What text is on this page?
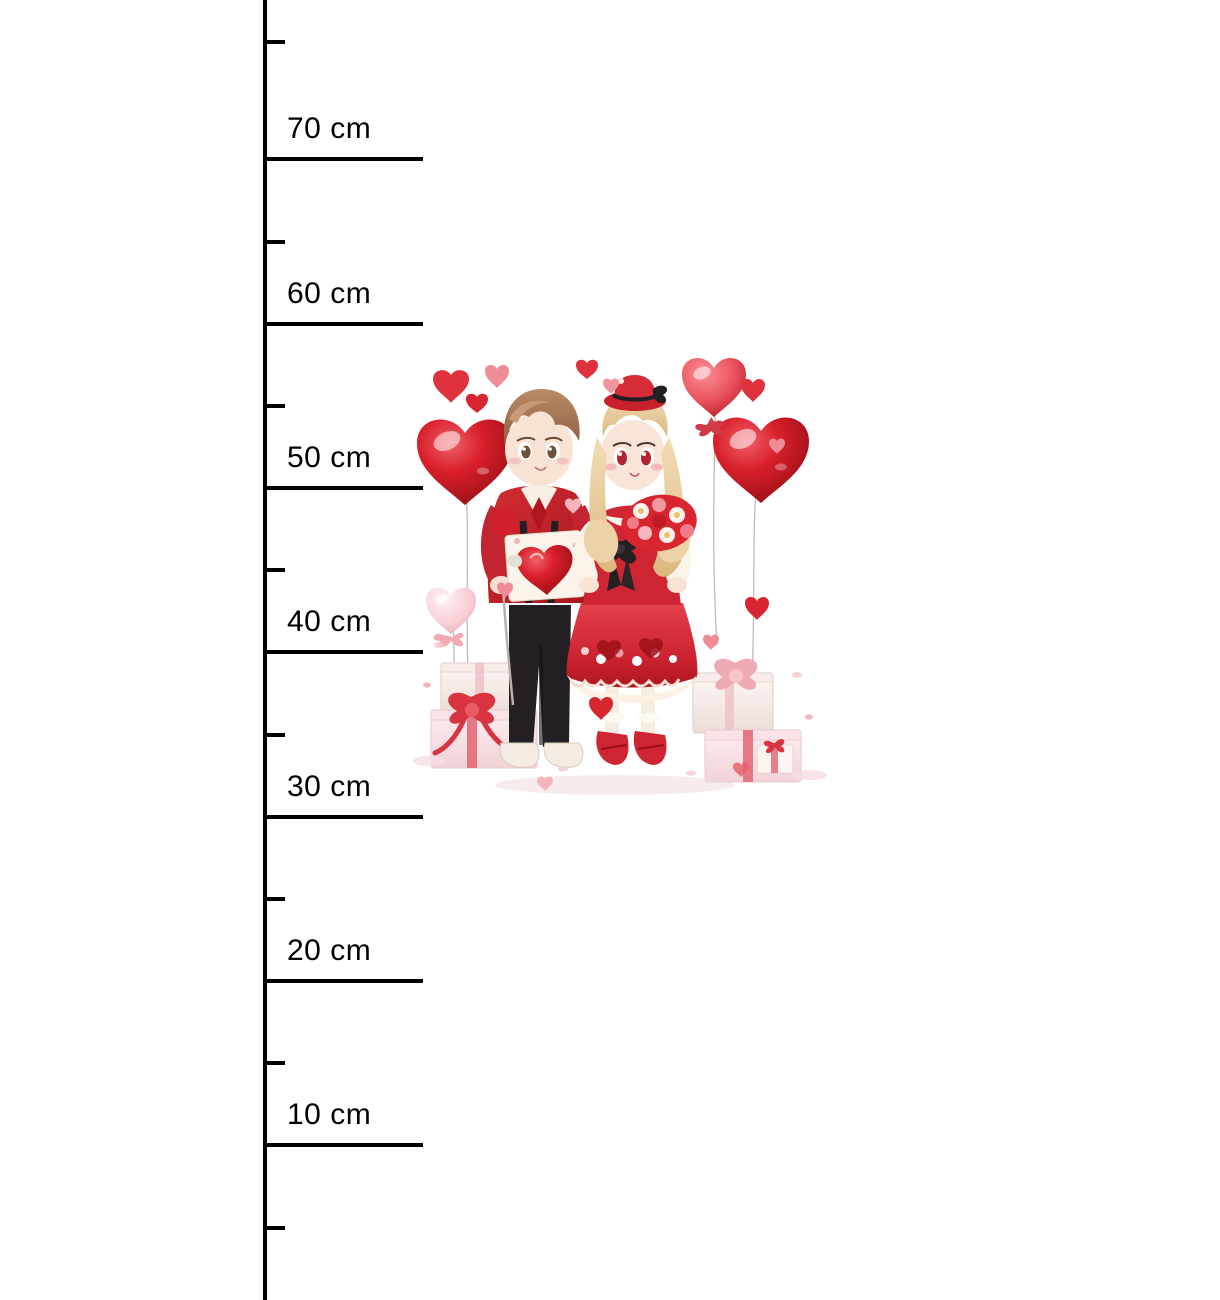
70 cm
60 cm
50 cm
40 cm
30 cm
20 cm
10 cm
